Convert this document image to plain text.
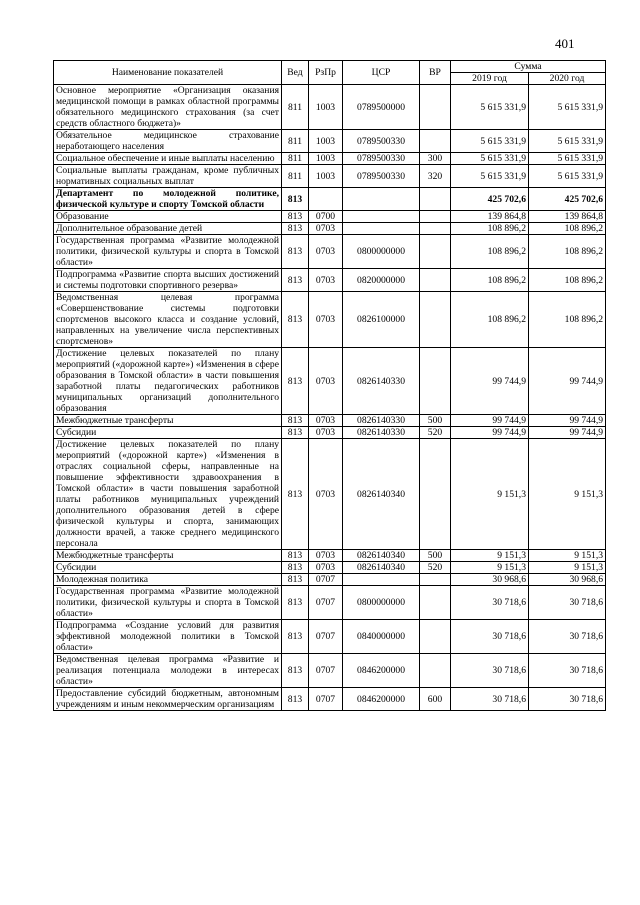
401
Наименование показателей	Вед	РзПр	ЦСР	ВР	Сумма	
					2019 год	2020 год
Основное мероприятие «Организация оказания медицинской помощи в рамках областной программы обязательного медицинского страхования (за счет средств областного бюджета)»	811	1003	0789500000		5 615 331,9	5 615 331,9
Обязательное медицинское страхование неработающего населения	811	1003	0789500330		5 615 331,9	5 615 331,9
Социальное обеспечение и иные выплаты населению	811	1003	0789500330	300	5 615 331,9	5 615 331,9
Социальные выплаты гражданам, кроме публичных нормативных социальных выплат	811	1003	0789500330	320	5 615 331,9	5 615 331,9
Департамент по молодежной политике, физической культуре и спорту Томской области	813				425 702,6	425 702,6
Образование	813	0700			139 864,8	139 864,8
Дополнительное образование детей	813	0703			108 896,2	108 896,2
Государственная программа «Развитие молодежной политики, физической культуры и спорта в Томской области»	813	0703	0800000000		108 896,2	108 896,2
Подпрограмма «Развитие спорта высших достижений и системы подготовки спортивного резерва»	813	0703	0820000000		108 896,2	108 896,2
Ведомственная целевая программа «Совершенствование системы подготовки спортсменов высокого класса и создание условий, направленных на увеличение числа перспективных спортсменов»	813	0703	0826100000		108 896,2	108 896,2
Достижение целевых показателей по плану мероприятий («дорожной карте») «Изменения в сфере образования в Томской области» в части повышения заработной платы педагогических работников муниципальных организаций дополнительного образования	813	0703	0826140330		99 744,9	99 744,9
Межбюджетные трансферты	813	0703	0826140330	500	99 744,9	99 744,9
Субсидии	813	0703	0826140330	520	99 744,9	99 744,9
Достижение целевых показателей по плану мероприятий («дорожной карте») «Изменения в отраслях социальной сферы, направленные на повышение эффективности здравоохранения в Томской области» в части повышения заработной платы работников муниципальных учреждений дополнительного образования детей в сфере физической культуры и спорта, занимающих должности врачей, а также среднего медицинского персонала	813	0703	0826140340		9 151,3	9 151,3
Межбюджетные трансферты	813	0703	0826140340	500	9 151,3	9 151,3
Субсидии	813	0703	0826140340	520	9 151,3	9 151,3
Молодежная политика	813	0707			30 968,6	30 968,6
Государственная программа «Развитие молодежной политики, физической культуры и спорта в Томской области»	813	0707	0800000000		30 718,6	30 718,6
Подпрограмма «Создание условий для развития эффективной молодежной политики в Томской области»	813	0707	0840000000		30 718,6	30 718,6
Ведомственная целевая программа «Развитие и реализация потенциала молодежи в интересах области»	813	0707	0846200000		30 718,6	30 718,6
Предоставление субсидий бюджетным, автономным учреждениям и иным некоммерческим организациям	813	0707	0846200000	600	30 718,6	30 718,6
